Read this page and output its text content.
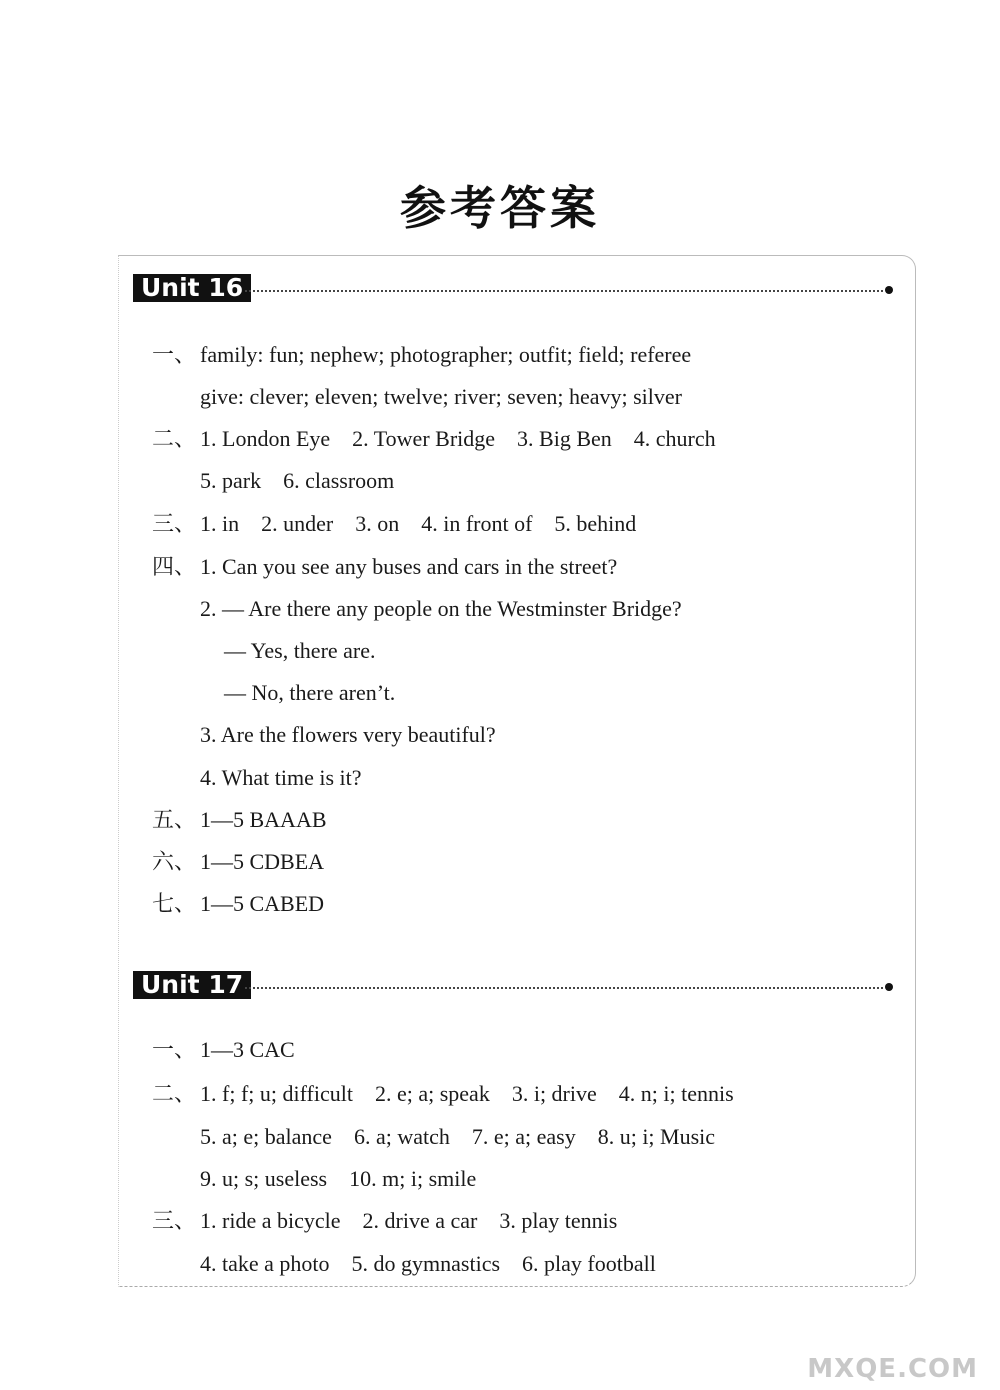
参考答案
Unit 16
一、 family: fun; nephew; photographer; outfit; field; referee
give: clever; eleven; twelve; river; seven; heavy; silver
二、 1. London Eye 2. Tower Bridge 3. Big Ben 4. church
5. park 6. classroom
三、 1. in 2. under 3. on 4. in front of 5. behind
四、 1. Can you see any buses and cars in the street?
2. — Are there any people on the Westminster Bridge?
— Yes, there are.
— No, there aren’t.
3. Are the flowers very beautiful?
4. What time is it?
五、 1—5 BAAAB
六、 1—5 CDBEA
七、 1—5 CABED
Unit 17
一、 1—3 CAC
二、 1. f; f; u; difficult 2. e; a; speak 3. i; drive 4. n; i; tennis
5. a; e; balance 6. a; watch 7. e; a; easy 8. u; i; Music
9. u; s; useless 10. m; i; smile
三、 1. ride a bicycle 2. drive a car 3. play tennis
4. take a photo 5. do gymnastics 6. play football
MXQE.COM
